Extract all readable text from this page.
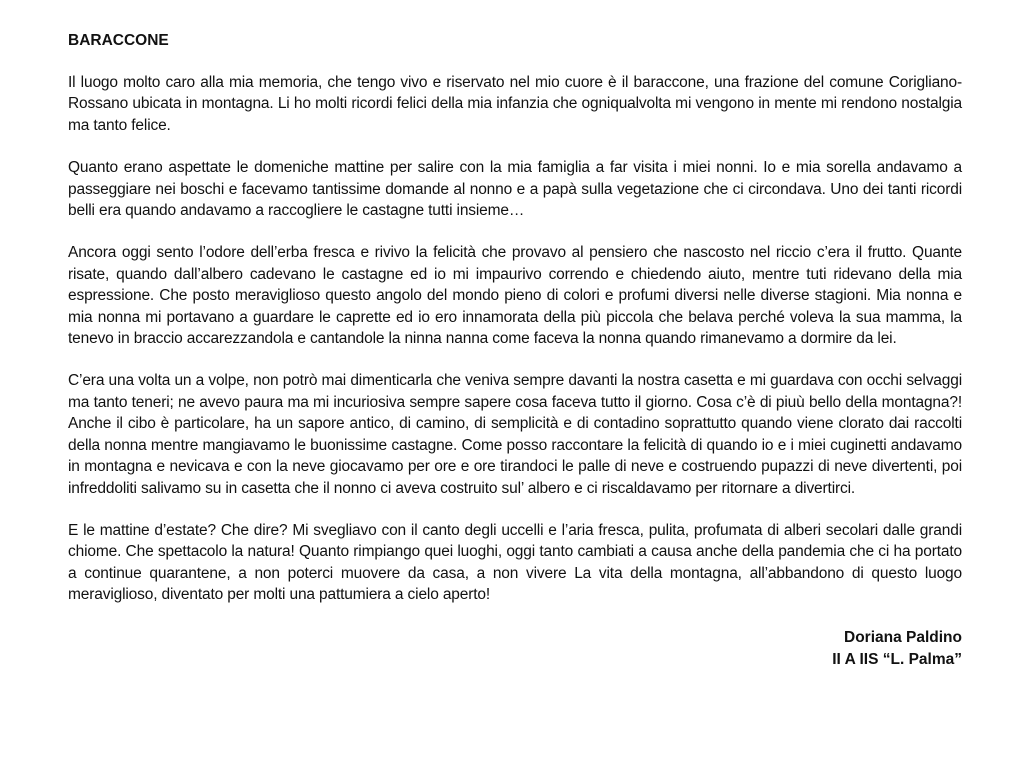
BARACCONE

Il luogo molto caro alla mia memoria, che tengo vivo e riservato nel mio cuore è il baraccone, una frazione del comune Corigliano-Rossano ubicata in montagna. Li ho molti ricordi felici della mia infanzia che ogniqualvolta mi vengono in mente mi rendono nostalgia ma tanto felice.

Quanto erano aspettate le domeniche mattine per salire con la mia famiglia a far visita i miei nonni. Io e mia sorella andavamo a passeggiare nei boschi e facevamo tantissime domande al nonno e a papà sulla vegetazione che ci circondava. Uno dei tanti ricordi belli era quando andavamo a raccogliere le castagne tutti insieme…

Ancora oggi sento l’odore dell’erba fresca e rivivo la felicità che provavo al pensiero che nascosto nel riccio c’era il frutto. Quante risate, quando dall’albero cadevano le castagne ed io mi impaurivo correndo e chiedendo aiuto, mentre tuti ridevano della mia espressione. Che posto meraviglioso questo angolo del mondo pieno di colori e profumi diversi nelle diverse stagioni. Mia nonna e mia nonna mi portavano a guardare le caprette ed io ero innamorata della più piccola che belava perché voleva la sua mamma, la tenevo in braccio accarezzandola e cantandole la ninna nanna come faceva la nonna quando rimanevamo a dormire da lei.

C’era una volta un a volpe, non potrò mai dimenticarla che veniva sempre davanti la nostra casetta e mi guardava con occhi selvaggi ma tanto teneri; ne avevo paura ma mi incuriosiva sempre sapere cosa faceva tutto il giorno. Cosa c’è di piuù bello della montagna?! Anche il cibo è particolare, ha un sapore antico, di camino, di semplicità e di contadino soprattutto quando viene clorato dai raccolti della nonna mentre mangiavamo le buonissime castagne. Come posso raccontare la felicità di quando io e i miei cuginetti andavamo in montagna e nevicava e con la neve giocavamo per ore e ore tirandoci le palle di neve e costruendo pupazzi di neve divertenti, poi infreddoliti salivamo su in casetta che il nonno ci aveva costruito sul’ albero e ci riscaldavamo per ritornare a divertirci.

E le mattine d’estate? Che dire? Mi svegliavo con il canto degli uccelli e l’aria fresca, pulita, profumata di alberi secolari dalle grandi chiome. Che spettacolo la natura! Quanto rimpiango quei luoghi, oggi tanto cambiati a causa anche della pandemia che ci ha portato a continue quarantene, a non poterci muovere da casa, a non vivere La vita della montagna, all’abbandono di questo luogo meraviglioso, diventato per molti una pattumiera a cielo aperto!

Doriana Paldino
II A IIS “L. Palma”
